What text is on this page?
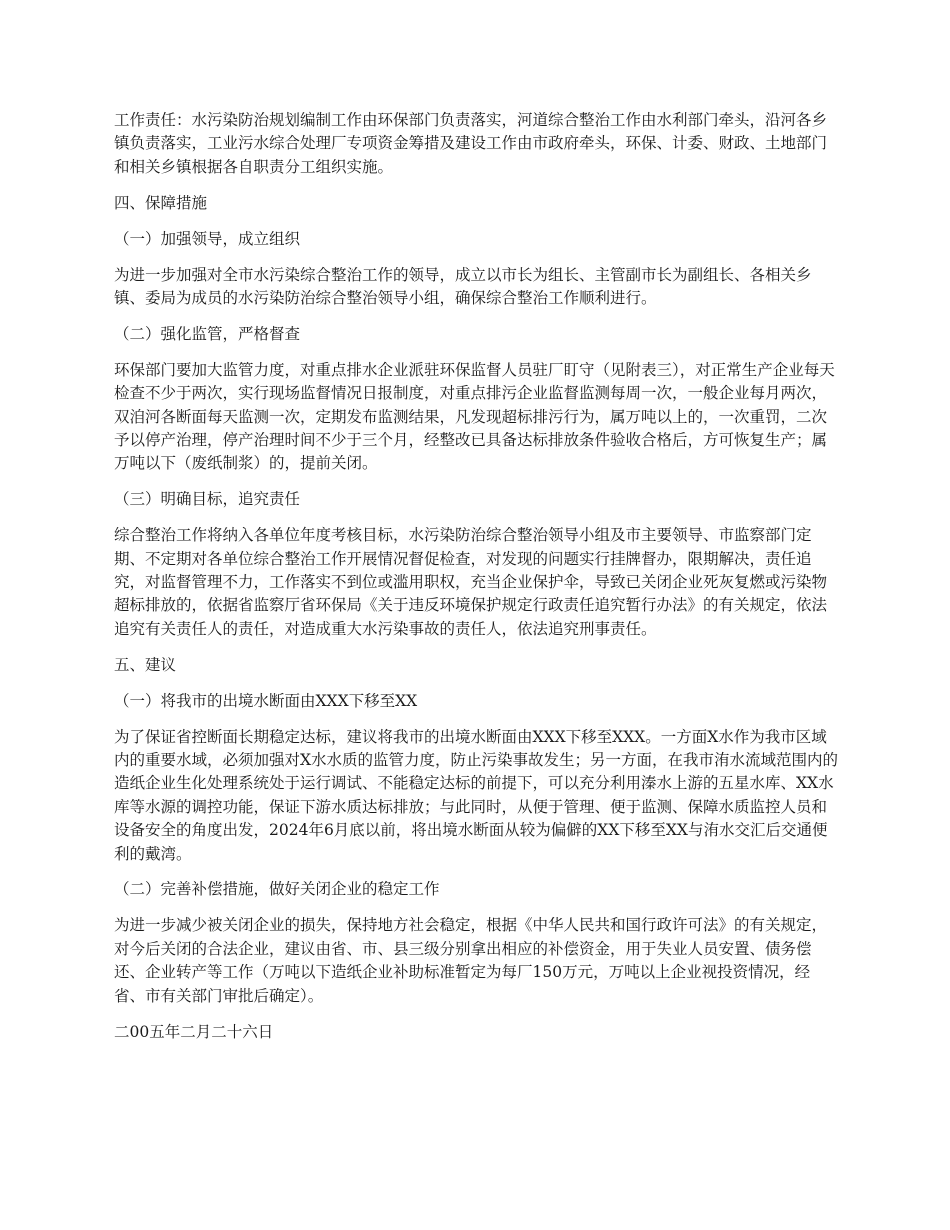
工作责任：水污染防治规划编制工作由环保部门负责落实，河道综合整治工作由水利部门牵头，沿河各乡镇负责落实，工业污水综合处理厂专项资金筹措及建设工作由市政府牵头，环保、计委、财政、土地部门和相关乡镇根据各自职责分工组织实施。

四、保障措施

（一）加强领导，成立组织

为进一步加强对全市水污染综合整治工作的领导，成立以市长为组长、主管副市长为副组长、各相关乡镇、委局为成员的水污染防治综合整治领导小组，确保综合整治工作顺利进行。

（二）强化监管，严格督查

环保部门要加大监管力度，对重点排水企业派驻环保监督人员驻厂盯守（见附表三），对正常生产企业每天检查不少于两次，实行现场监督情况日报制度，对重点排污企业监督监测每周一次，一般企业每月两次，双洎河各断面每天监测一次，定期发布监测结果，凡发现超标排污行为，属万吨以上的，一次重罚，二次予以停产治理，停产治理时间不少于三个月，经整改已具备达标排放条件验收合格后，方可恢复生产；属万吨以下（废纸制浆）的，提前关闭。

（三）明确目标，追究责任

综合整治工作将纳入各单位年度考核目标，水污染防治综合整治领导小组及市主要领导、市监察部门定期、不定期对各单位综合整治工作开展情况督促检查，对发现的问题实行挂牌督办，限期解决，责任追究，对监督管理不力，工作落实不到位或滥用职权，充当企业保护伞，导致已关闭企业死灰复燃或污染物超标排放的，依据省监察厅省环保局《关于违反环境保护规定行政责任追究暂行办法》的有关规定，依法追究有关责任人的责任，对造成重大水污染事故的责任人，依法追究刑事责任。

五、建议

（一）将我市的出境水断面由XXX下移至XX

为了保证省控断面长期稳定达标，建议将我市的出境水断面由XXX下移至XXX。一方面X水作为我市区域内的重要水域，必须加强对X水水质的监管力度，防止污染事故发生；另一方面，在我市洧水流域范围内的造纸企业生化处理系统处于运行调试、不能稳定达标的前提下，可以充分利用溱水上游的五星水库、XX水库等水源的调控功能，保证下游水质达标排放；与此同时，从便于管理、便于监测、保障水质监控人员和设备安全的角度出发，2024年6月底以前，将出境水断面从较为偏僻的XX下移至XX与洧水交汇后交通便利的戴湾。

（二）完善补偿措施，做好关闭企业的稳定工作

为进一步减少被关闭企业的损失，保持地方社会稳定，根据《中华人民共和国行政许可法》的有关规定，对今后关闭的合法企业，建议由省、市、县三级分别拿出相应的补偿资金，用于失业人员安置、债务偿还、企业转产等工作（万吨以下造纸企业补助标准暂定为每厂150万元，万吨以上企业视投资情况，经省、市有关部门审批后确定）。

二00五年二月二十六日
